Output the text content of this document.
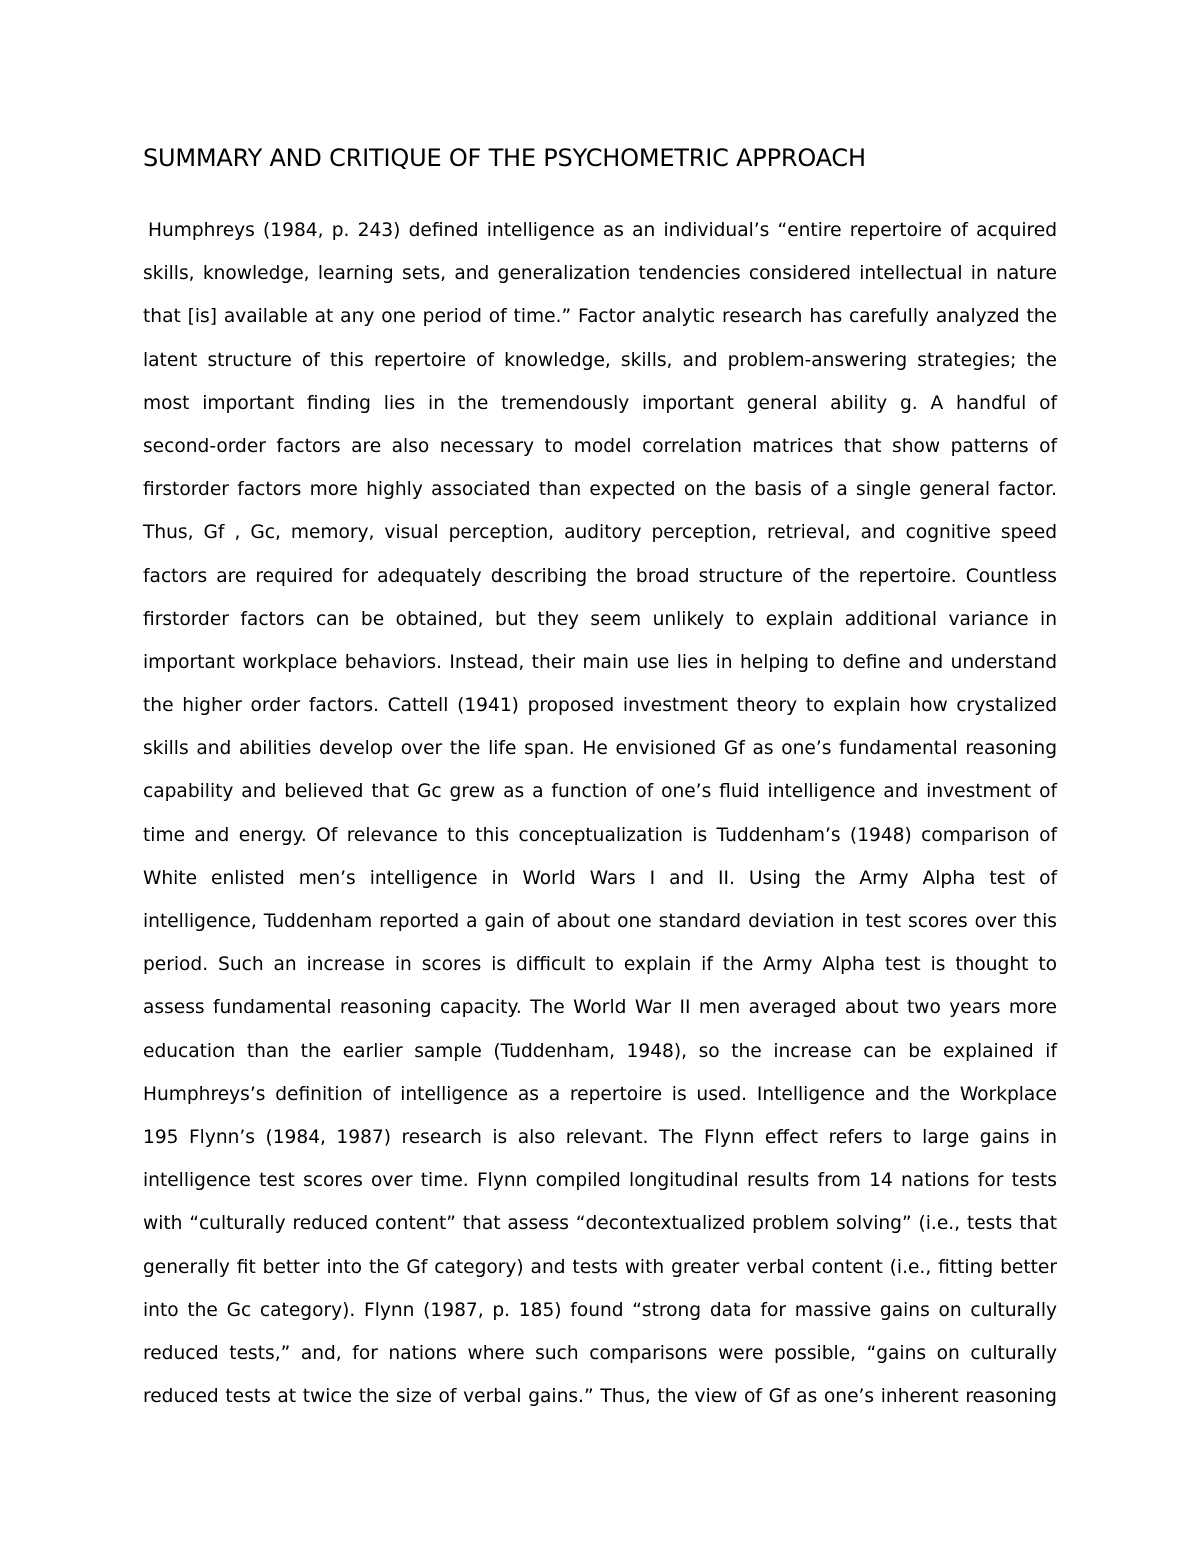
SUMMARY AND CRITIQUE OF THE PSYCHOMETRIC APPROACH
Humphreys (1984, p. 243) defined intelligence as an individual’s “entire repertoire of acquired
skills, knowledge, learning sets, and generalization tendencies considered intellectual in nature
that [is] available at any one period of time.” Factor analytic research has carefully analyzed the
latent structure of this repertoire of knowledge, skills, and problem-answering strategies; the
most important finding lies in the tremendously important general ability g. A handful of
second-order factors are also necessary to model correlation matrices that show patterns of
firstorder factors more highly associated than expected on the basis of a single general factor.
Thus, Gf , Gc, memory, visual perception, auditory perception, retrieval, and cognitive speed
factors are required for adequately describing the broad structure of the repertoire. Countless
firstorder factors can be obtained, but they seem unlikely to explain additional variance in
important workplace behaviors. Instead, their main use lies in helping to define and understand
the higher order factors. Cattell (1941) proposed investment theory to explain how crystalized
skills and abilities develop over the life span. He envisioned Gf as one’s fundamental reasoning
capability and believed that Gc grew as a function of one’s fluid intelligence and investment of
time and energy. Of relevance to this conceptualization is Tuddenham’s (1948) comparison of
White enlisted men’s intelligence in World Wars I and II. Using the Army Alpha test of
intelligence, Tuddenham reported a gain of about one standard deviation in test scores over this
period. Such an increase in scores is difficult to explain if the Army Alpha test is thought to
assess fundamental reasoning capacity. The World War II men averaged about two years more
education than the earlier sample (Tuddenham, 1948), so the increase can be explained if
Humphreys’s definition of intelligence as a repertoire is used. Intelligence and the Workplace
195 Flynn’s (1984, 1987) research is also relevant. The Flynn effect refers to large gains in
intelligence test scores over time. Flynn compiled longitudinal results from 14 nations for tests
with “culturally reduced content” that assess “decontextualized problem solving” (i.e., tests that
generally fit better into the Gf category) and tests with greater verbal content (i.e., fitting better
into the Gc category). Flynn (1987, p. 185) found “strong data for massive gains on culturally
reduced tests,” and, for nations where such comparisons were possible, “gains on culturally
reduced tests at twice the size of verbal gains.” Thus, the view of Gf as one’s inherent reasoning
